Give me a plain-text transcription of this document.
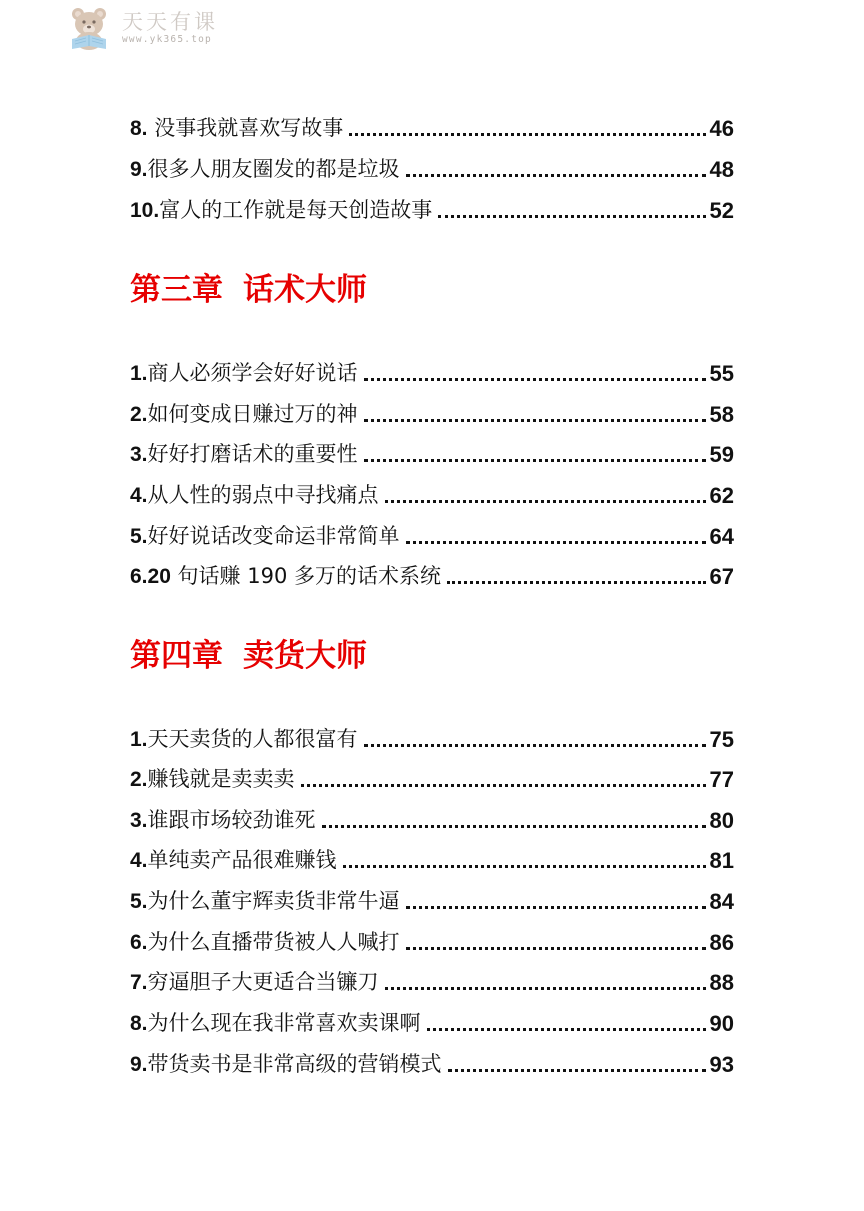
天天有课
www.yk365.top
8. 没事我就喜欢写故事	46
9.很多人朋友圈发的都是垃圾	48
10.富人的工作就是每天创造故事	52
第三章 话术大师
1.商人必须学会好好说话	55
2.如何变成日赚过万的神	58
3.好好打磨话术的重要性	59
4.从人性的弱点中寻找痛点	62
5.好好说话改变命运非常简单	64
6.20 句话赚 190 多万的话术系统	67
第四章 卖货大师
1.天天卖货的人都很富有	75
2.赚钱就是卖卖卖	77
3.谁跟市场较劲谁死	80
4.单纯卖产品很难赚钱	81
5.为什么董宇辉卖货非常牛逼	84
6.为什么直播带货被人人喊打	86
7.穷逼胆子大更适合当镰刀	88
8.为什么现在我非常喜欢卖课啊	90
9.带货卖书是非常高级的营销模式	93
